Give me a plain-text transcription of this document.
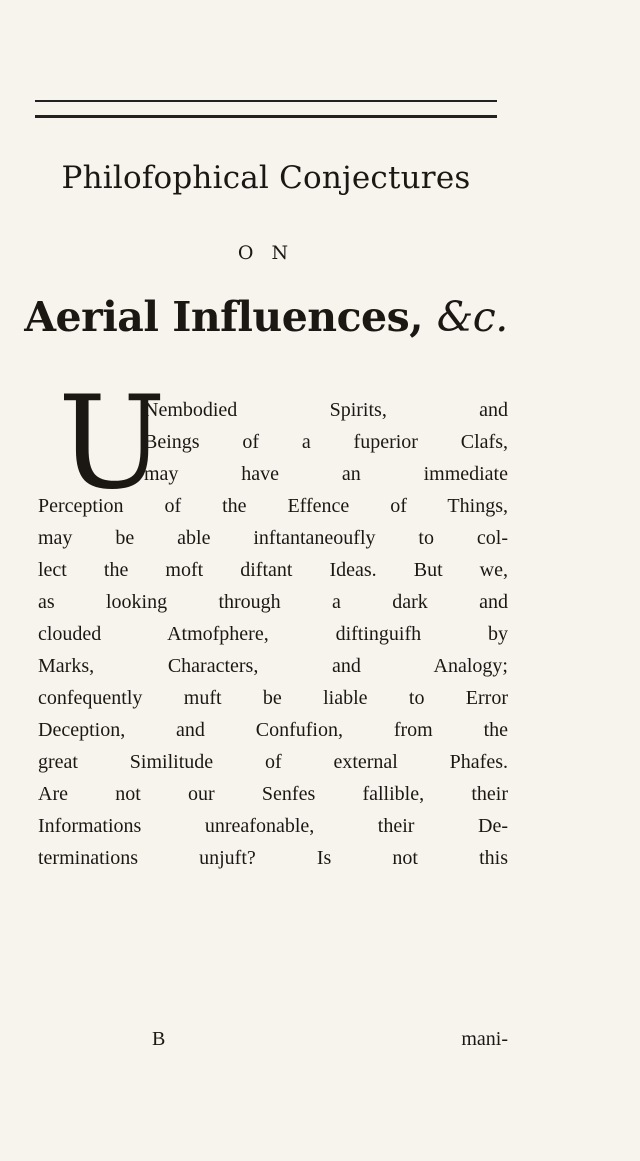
Philofophical Conjectures
O N
Aerial Influences, &c.
U
Nembodied Spirits, and
Beings of a fuperior Clafs,
may have an immediate
Perception of the Effence of Things,
may be able inftantaneoufly to col-
lect the moft diftant Ideas. But we,
as looking through a dark and
clouded Atmofphere, diftinguifh by
Marks, Characters, and Analogy;
confequently muft be liable to Error
Deception, and Confufion, from the
great Similitude of external Phafes.
Are not our Senfes fallible, their
Informations unreafonable, their De-
terminations unjuft? Is not this
B	mani-
